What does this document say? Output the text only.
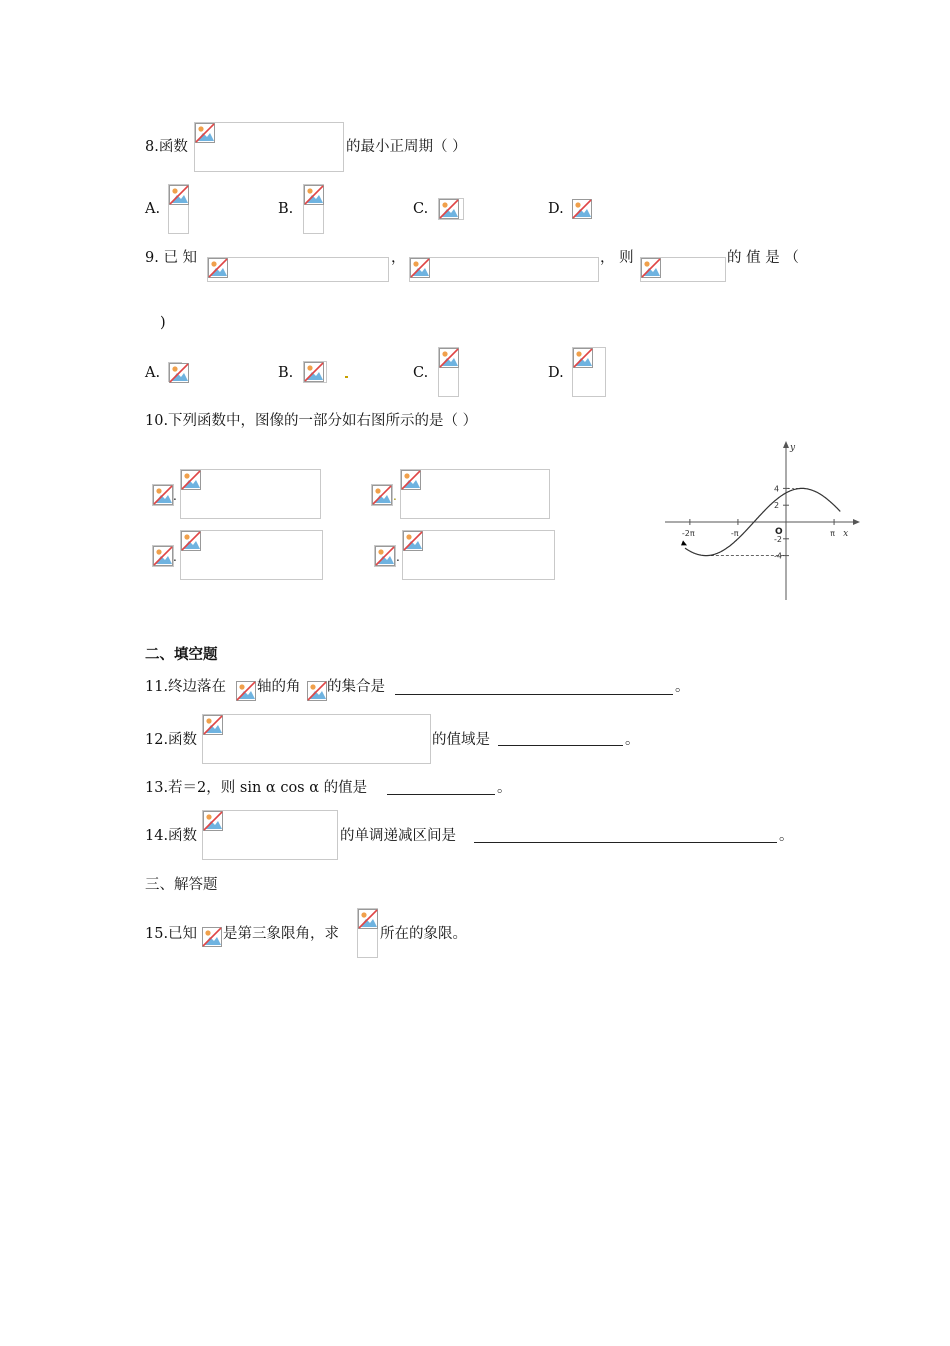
8.函数	的最小正周期（ ）
A.	B.	C.	D.
9. 已 知	，	， 则	的 值 是 （
)
A.	B.	C.	D.
10.下列函数中，图像的一部分如右图所示的是（ ）
.	.
.	.
-2π	-π	O	π
4
2
-2
-4
x
y
二、填空题
11.终边落在 轴的角 的集合是	。
12.函数	的值域是	。
13.若＝2，则 sin α cos α 的值是	。
14.函数	的单调递减区间是	。
三、解答题
15.已知 是第三象限角，求	所在的象限。
